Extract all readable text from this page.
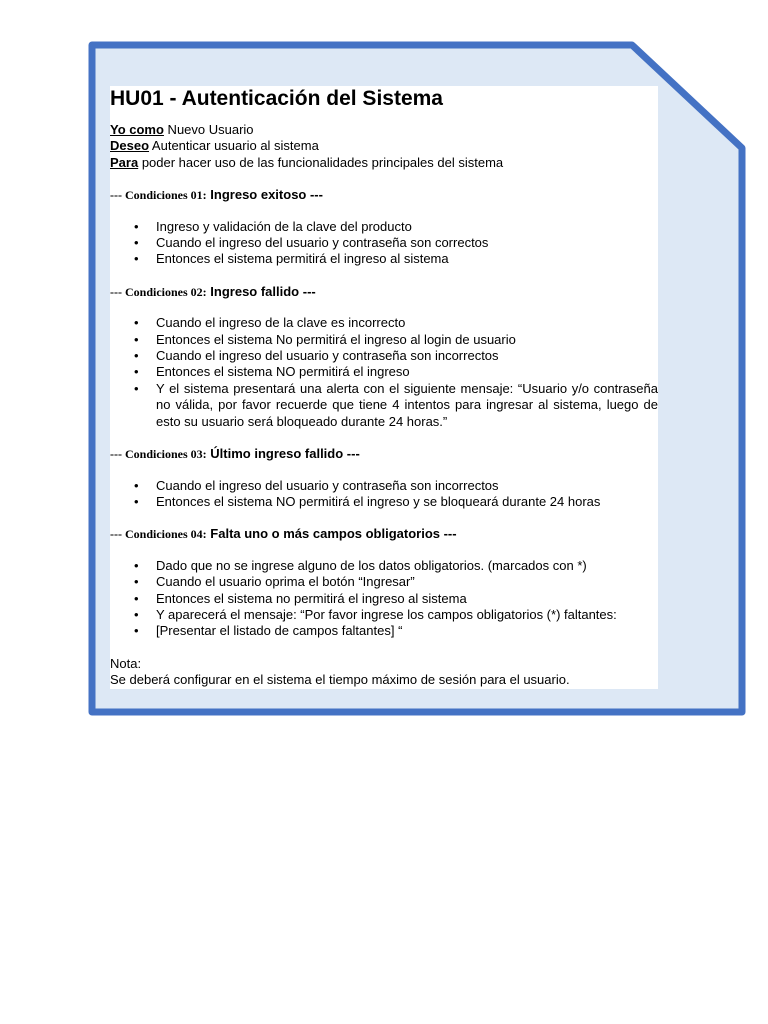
HU01 - Autenticación del Sistema

Yo como Nuevo Usuario

Deseo Autenticar usuario al sistema

Para poder hacer uso de las funcionalidades principales del sistema

--- Condiciones 01: Ingreso exitoso ---

• Ingreso y validación de la clave del producto
• Cuando el ingreso del usuario y contraseña son correctos
• Entonces el sistema permitirá el ingreso al sistema

--- Condiciones 02: Ingreso fallido ---

• Cuando el ingreso de la clave es incorrecto
• Entonces el sistema No permitirá el ingreso al login de usuario
• Cuando el ingreso del usuario y contraseña son incorrectos
• Entonces el sistema NO permitirá el ingreso
• Y el sistema presentará una alerta con el siguiente mensaje: “Usuario y/o contraseña no válida, por favor recuerde que tiene 4 intentos para ingresar al sistema, luego de esto su usuario será bloqueado durante 24 horas.”

--- Condiciones 03: Último ingreso fallido ---

• Cuando el ingreso del usuario y contraseña son incorrectos
• Entonces el sistema NO permitirá el ingreso y se bloqueará durante 24 horas

--- Condiciones 04: Falta uno o más campos obligatorios ---

• Dado que no se ingrese alguno de los datos obligatorios. (marcados con *)
• Cuando el usuario oprima el botón “Ingresar”
• Entonces el sistema no permitirá el ingreso al sistema
• Y aparecerá el mensaje: “Por favor ingrese los campos obligatorios (*) faltantes:
• [Presentar el listado de campos faltantes] “

Nota:

Se deberá configurar en el sistema el tiempo máximo de sesión para el usuario.
